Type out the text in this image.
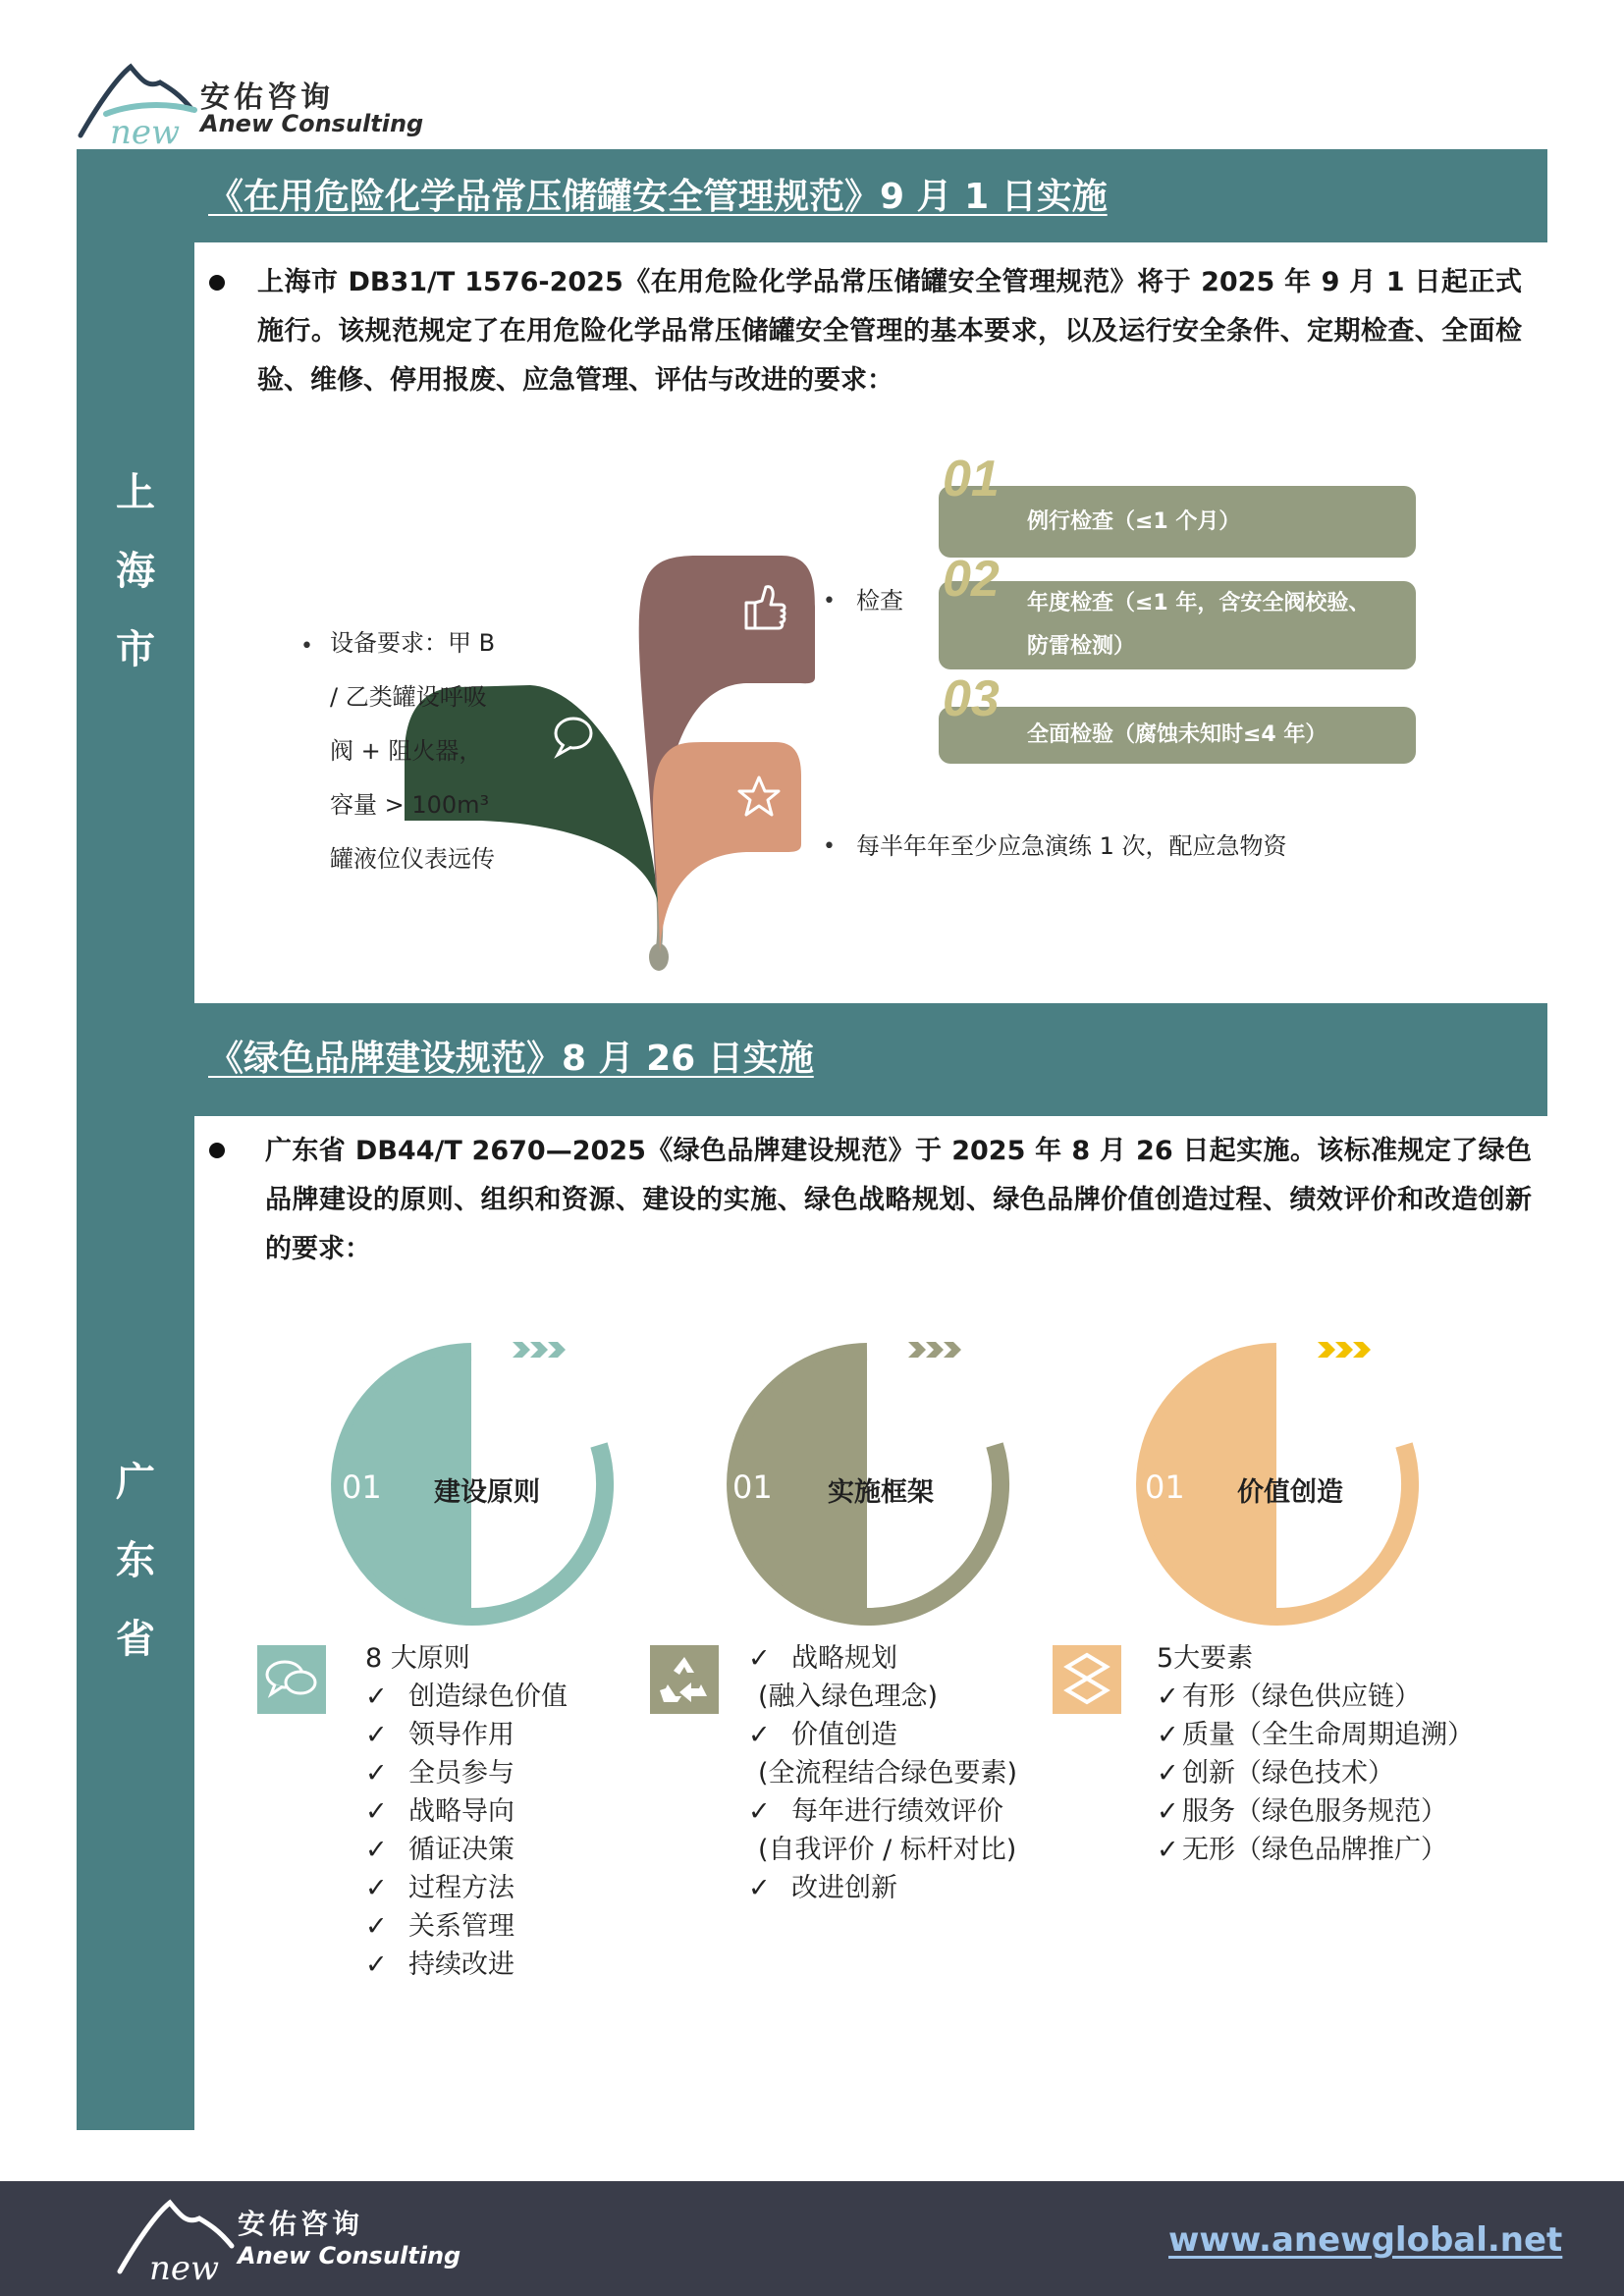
new
安佑咨询
Anew Consulting
上
海
市
广
东
省
《在用危险化学品常压储罐安全管理规范》9 月 1 日实施
上海市 DB31/T 1576-2025《在用危险化学品常压储罐安全管理规范》将于 2025 年 9 月 1 日起正式施行。该规范规定了在用危险化学品常压储罐安全管理的基本要求，以及运行安全条件、定期检查、全面检验、维修、停用报废、应急管理、评估与改进的要求：
• 设备要求：甲 B
/ 乙类罐设呼吸
阀 + 阻火器，
容量 > 100m³
罐液位仪表远传
• 检查
• 每半年年至少应急演练 1 次，配应急物资
例行检查（≤1 个月）
01
年度检查（≤1 年，含安全阀校验、
防雷检测）
02
全面检验（腐蚀未知时≤4 年）
03
《绿色品牌建设规范》8 月 26 日实施
广东省 DB44/T 2670—2025《绿色品牌建设规范》于 2025 年 8 月 26 日起实施。该标准规定了绿色品牌建设的原则、组织和资源、建设的实施、绿色战略规划、绿色品牌价值创造过程、绩效评价和改造创新的要求：
01 建设原则	01 实施框架	01 价值创造
8 大原则
✓ 创造绿色价值
✓ 领导作用
✓ 全员参与
✓ 战略导向
✓ 循证决策
✓ 过程方法
✓ 关系管理
✓ 持续改进
✓ 战略规划
(融入绿色理念)
✓ 价值创造
(全流程结合绿色要素)
✓ 每年进行绩效评价
(自我评价 / 标杆对比)
✓ 改进创新
5大要素
✓ 有形（绿色供应链）
✓ 质量（全生命周期追溯）
✓ 创新（绿色技术）
✓ 服务（绿色服务规范）
✓ 无形（绿色品牌推广）
new
安佑咨询
Anew Consulting	www.anewglobal.net
